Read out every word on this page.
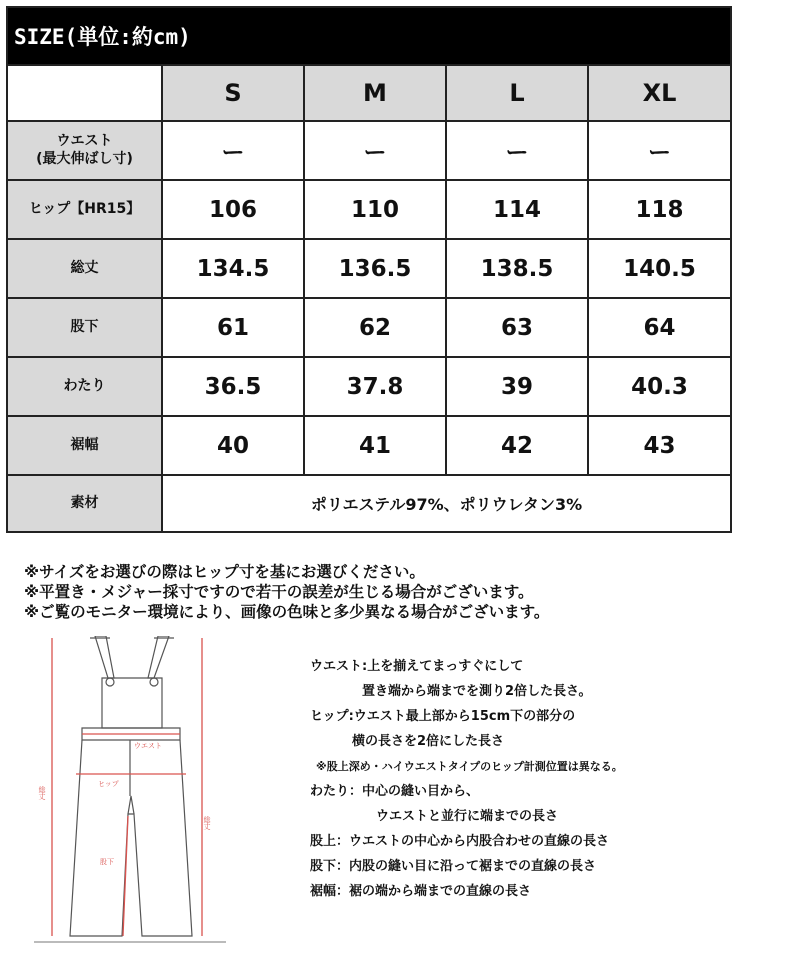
SIZE(単位:約cm)				
	S	M	L	XL
ウエスト
(最大伸ばし寸)	ー	ー	ー	ー
ヒップ【HR15】	106	110	114	118
総丈	134.5	136.5	138.5	140.5
股下	61	62	63	64
わたり	36.5	37.8	39	40.3
裾幅	40	41	42	43
素材	ポリエステル97%、ポリウレタン3%			
※サイズをお選びの際はヒップ寸を基にお選びください。
※平置き・メジャー採寸ですので若干の誤差が生じる場合がございます。
※ご覧のモニター環境により、画像の色味と多少異なる場合がございます。
ウエスト
ヒップ
股下
総丈
総丈
ウエスト:上を揃えてまっすぐにして
置き端から端までを測り2倍した長さ。
ヒップ:ウエスト最上部から15cm下の部分の
横の長さを2倍にした長さ
※股上深め・ハイウエストタイプのヒップ計測位置は異なる。
わたり：中心の縫い目から、
ウエストと並行に端までの長さ
股上：ウエストの中心から内股合わせの直線の長さ
股下：内股の縫い目に沿って裾までの直線の長さ
裾幅：裾の端から端までの直線の長さ
